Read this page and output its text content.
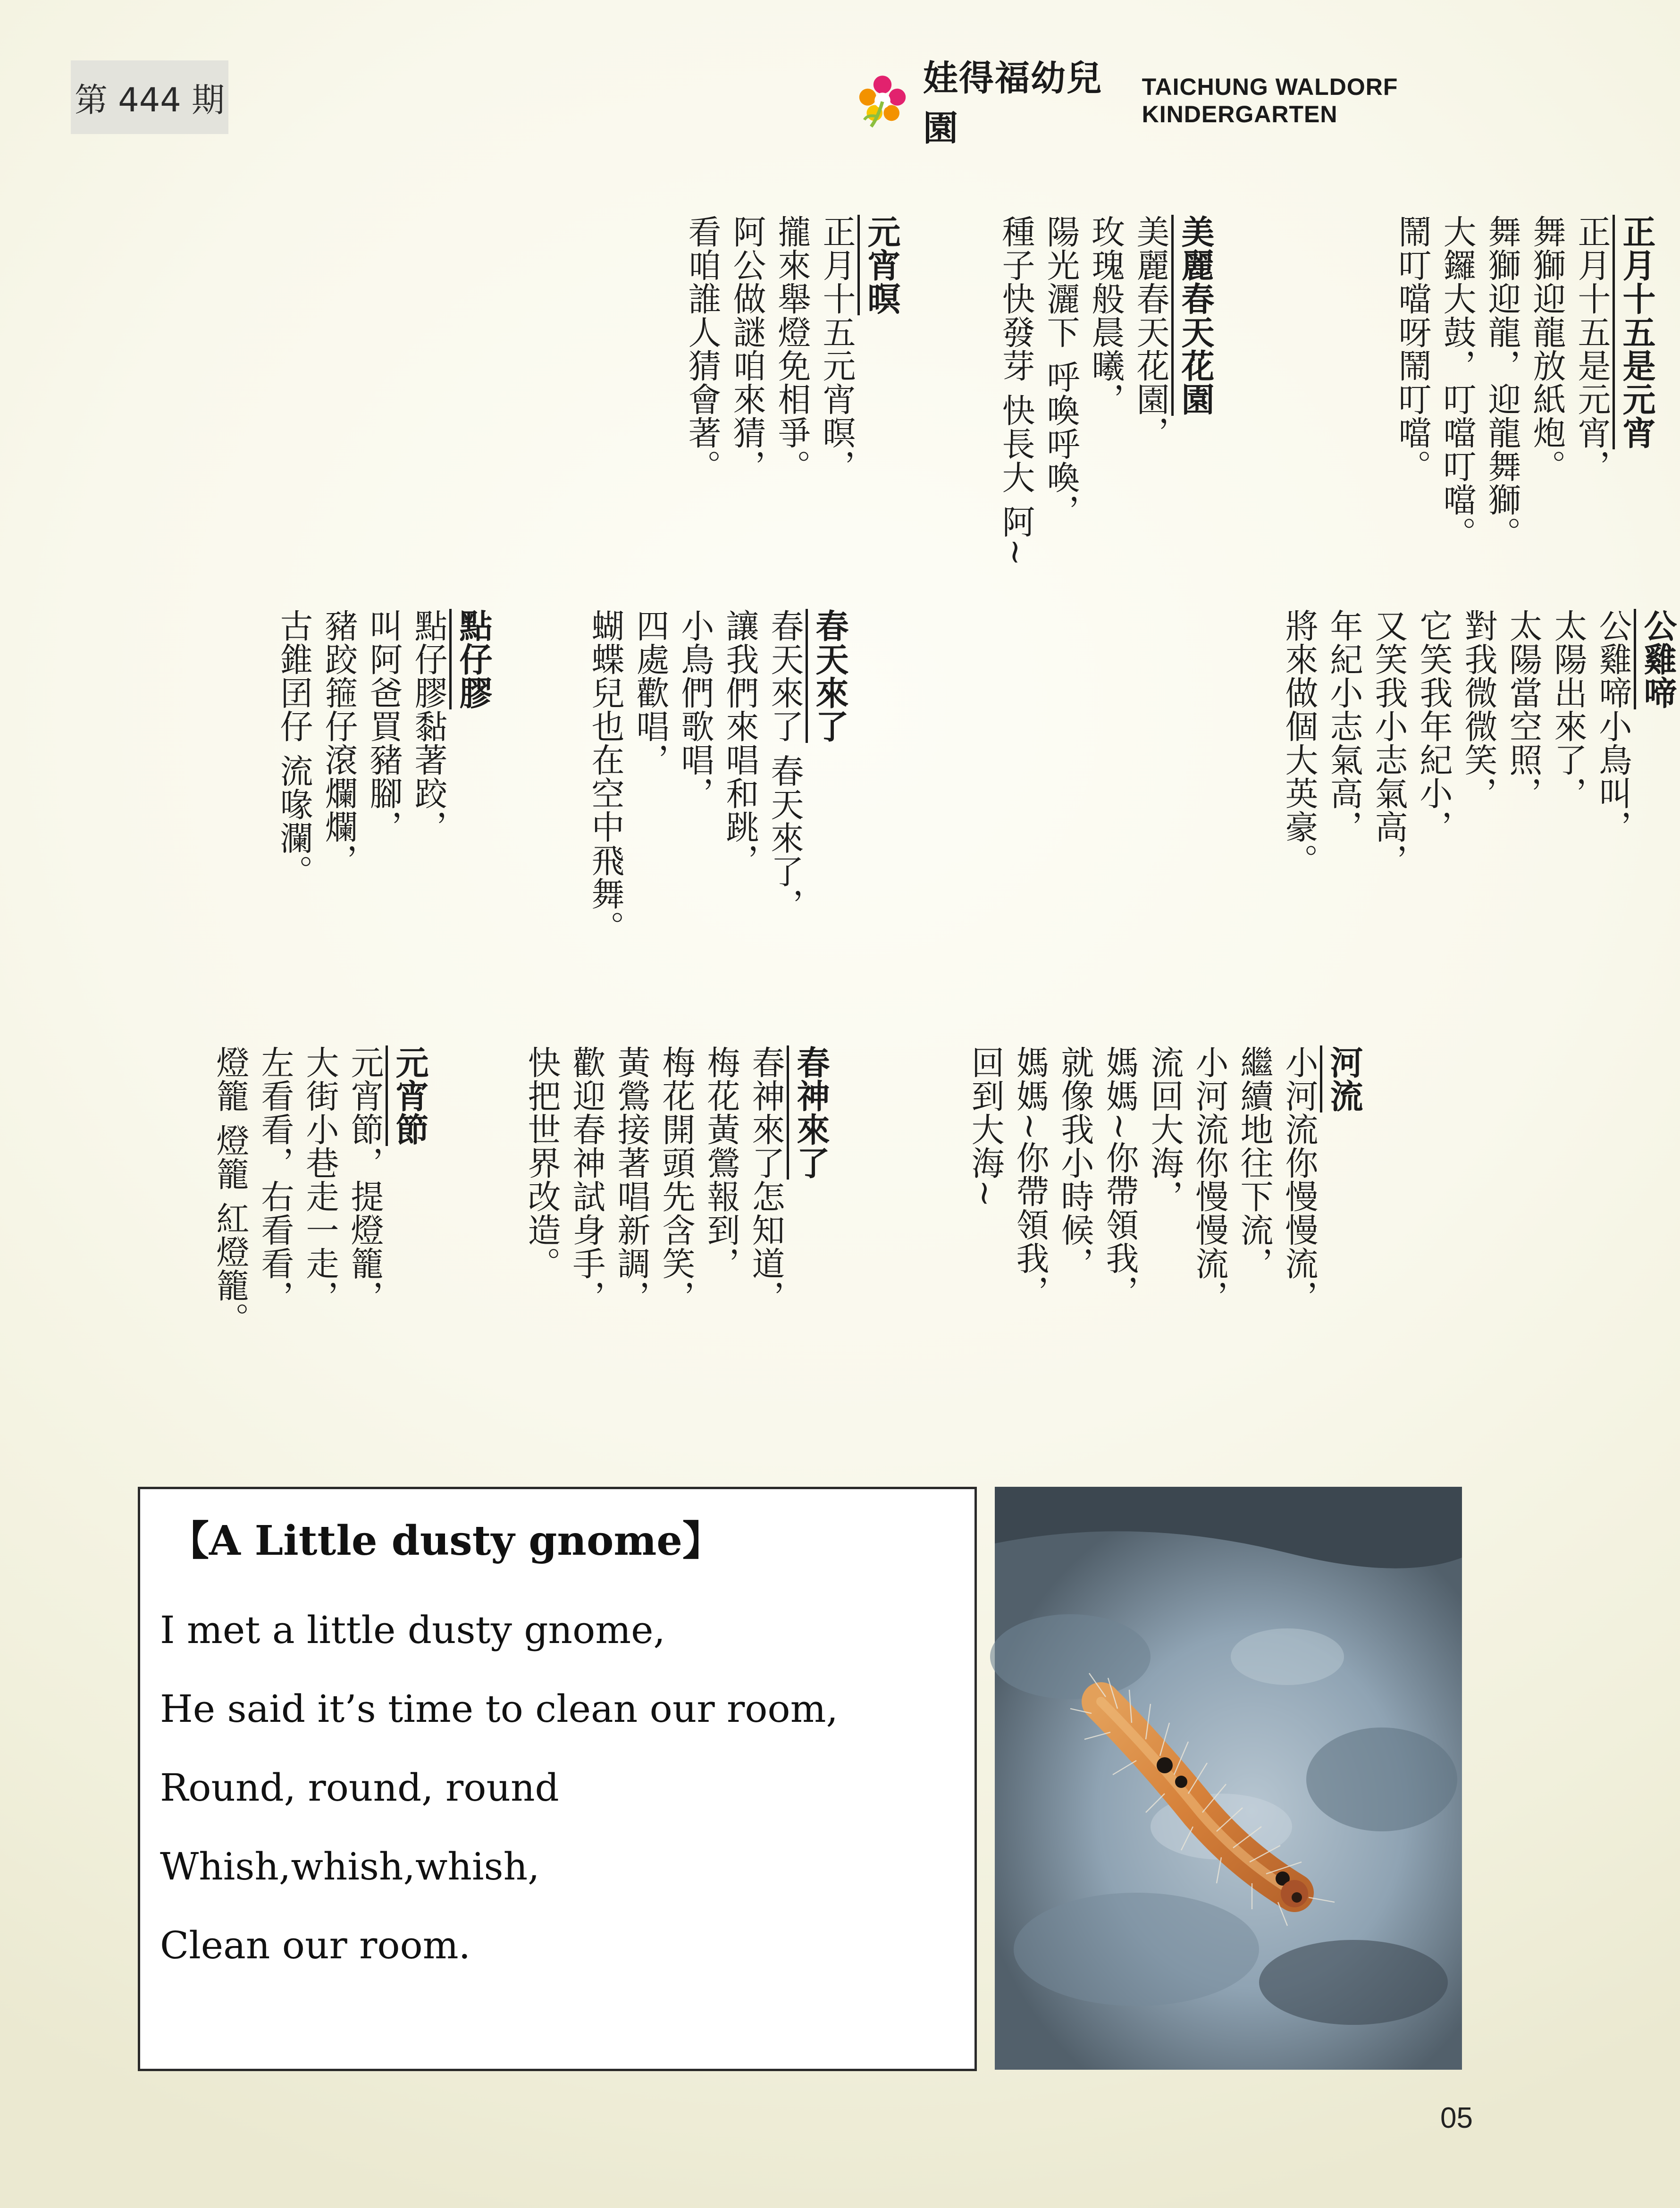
第 444 期
娃得福幼兒園
TAICHUNG WALDORF KINDERGARTEN
正月十五是元宵
正月十五是元宵，
舞獅迎龍放紙炮。
舞獅迎龍，迎龍舞獅。
大鑼大鼓，叮噹叮噹。
鬧叮噹呀鬧叮噹。
美麗春天花園
美麗春天花園，
玫瑰般晨曦，
陽光灑下 呼喚呼喚，
種子快發芽 快長大 阿~
元宵暝
正月十五元宵暝，
攏來舉燈免相爭。
阿公做謎咱來猜，
看咱誰人猜會著。
公雞啼
公雞啼小鳥叫，
太陽出來了，
太陽當空照，
對我微微笑，
它笑我年紀小，
又笑我小志氣高，
年紀小志氣高，
將來做個大英豪。
春天來了
春天來了 春天來了，
讓我們來唱和跳，
小鳥們歌唱，
四處歡唱，
蝴蝶兒也在空中飛舞。
點仔膠
點仔膠黏著跤，
叫阿爸買豬腳，
豬跤箍仔滾爛爛，
古錐囝仔 流喙瀾。
河流
小河流你慢慢流，
繼續地往下流，
小河流你慢慢流，
流回大海，
媽媽~你帶領我，
就像我小時候，
媽媽~你帶領我，
回到大海~
春神來了
春神來了怎知道，
梅花黃鶯報到，
梅花開頭先含笑，
黃鶯接著唱新調，
歡迎春神試身手，
快把世界改造。
元宵節
元宵節，提燈籠，
大街小巷走一走，
左看看，右看看，
燈籠 燈籠 紅燈籠。
【A Little dusty gnome】
I met a little dusty gnome,
He said it’s time to clean our room,
Round, round, round
Whish,whish,whish,
Clean our room.
05
